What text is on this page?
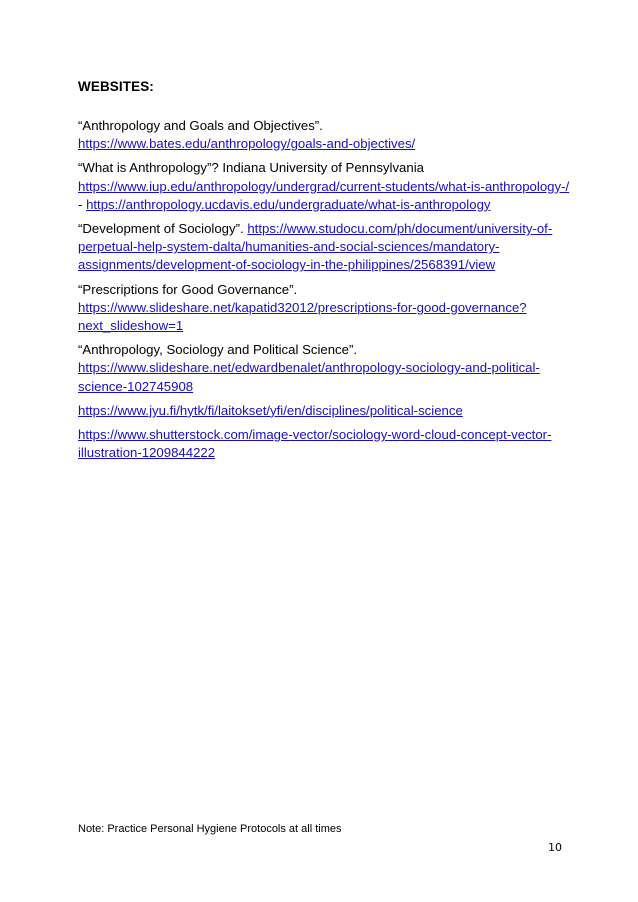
WEBSITES:

“Anthropology and Goals and Objectives”.
https://www.bates.edu/anthropology/goals-and-objectives/

“What is Anthropology”? Indiana University of Pennsylvania
https://www.iup.edu/anthropology/undergrad/current-students/what-is-anthropology-/
- https://anthropology.ucdavis.edu/undergraduate/what-is-anthropology

“Development of Sociology”. https://www.studocu.com/ph/document/university-of-perpetual-help-system-dalta/humanities-and-social-sciences/mandatory-assignments/development-of-sociology-in-the-philippines/2568391/view

“Prescriptions for Good Governance”.
https://www.slideshare.net/kapatid32012/prescriptions-for-good-governance?next_slideshow=1

“Anthropology, Sociology and Political Science”.
https://www.slideshare.net/edwardbenalet/anthropology-sociology-and-political-science-102745908

https://www.jyu.fi/hytk/fi/laitokset/yfi/en/disciplines/political-science

https://www.shutterstock.com/image-vector/sociology-word-cloud-concept-vector-illustration-1209844222

Note: Practice Personal Hygiene Protocols at all times

10
